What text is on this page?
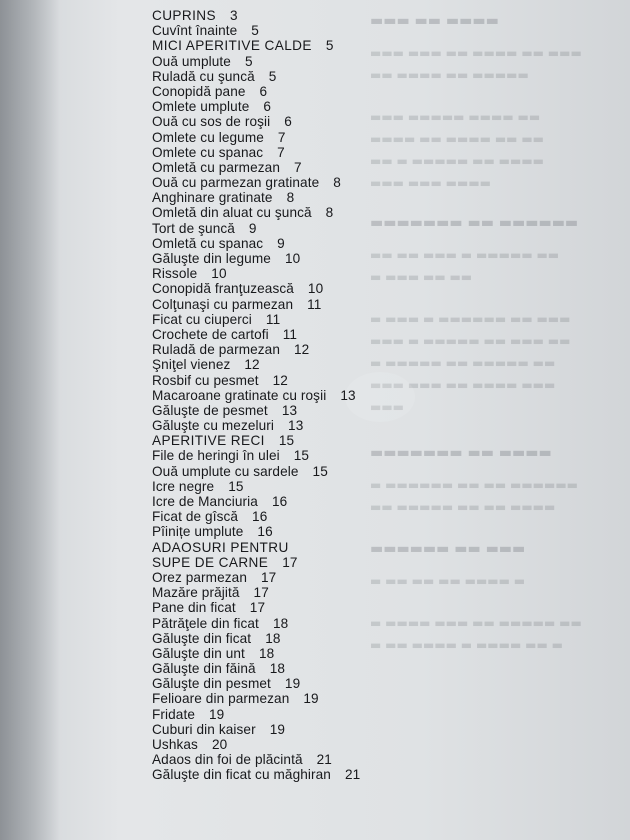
▬▬▬ ▬▬ ▬▬▬▬
▬▬▬ ▬▬▬ ▬▬ ▬▬▬▬ ▬▬ ▬▬▬
▬▬ ▬▬▬▬ ▬▬ ▬▬▬▬▬
▬▬▬ ▬▬▬▬▬ ▬▬▬▬ ▬▬
▬▬▬▬ ▬▬ ▬▬▬▬ ▬▬ ▬▬
▬▬ ▬ ▬▬▬▬▬ ▬▬ ▬▬▬▬
▬▬▬ ▬▬▬ ▬▬▬▬
▬▬▬▬▬▬▬ ▬▬ ▬▬▬▬▬▬
▬▬ ▬▬ ▬▬▬ ▬ ▬▬▬▬▬ ▬▬
▬ ▬▬▬ ▬▬ ▬▬
▬ ▬▬▬ ▬ ▬▬▬▬▬▬ ▬▬ ▬▬▬
▬▬▬ ▬ ▬▬▬▬▬ ▬▬ ▬▬▬ ▬▬
▬ ▬▬▬▬▬ ▬▬ ▬▬▬▬▬ ▬▬
▬▬▬ ▬▬▬ ▬▬ ▬▬▬▬ ▬▬▬
▬▬▬
▬▬▬▬▬▬▬ ▬▬ ▬▬▬▬
▬ ▬▬▬▬▬▬ ▬▬ ▬▬ ▬▬▬▬▬▬
▬▬ ▬▬▬▬▬ ▬▬ ▬▬ ▬▬▬▬
▬▬▬▬▬▬ ▬▬ ▬▬▬
▬ ▬▬ ▬▬ ▬▬ ▬▬▬▬ ▬
▬ ▬▬▬▬ ▬▬▬ ▬▬ ▬▬▬▬▬ ▬▬
▬ ▬▬ ▬▬▬▬ ▬ ▬▬▬▬ ▬▬ ▬
CUPRINS 3
Cuvînt înainte 5
MICI APERITIVE CALDE 5
Ouă umplute 5
Ruladă cu şuncă 5
Conopidă pane 6
Omlete umplute 6
Ouă cu sos de roşii 6
Omlete cu legume 7
Omlete cu spanac 7
Omletă cu parmezan 7
Ouă cu parmezan gratinate 8
Anghinare gratinate 8
Omletă din aluat cu şuncă 8
Tort de şuncă 9
Omletă cu spanac 9
Găluşte din legume 10
Rissole 10
Conopidă franţuzească 10
Colţunaşi cu parmezan 11
Ficat cu ciuperci 11
Crochete de cartofi 11
Ruladă de parmezan 12
Şniţel vienez 12
Rosbif cu pesmet 12
Macaroane gratinate cu roşii 13
Găluşte de pesmet 13
Găluşte cu mezeluri 13
APERITIVE RECI 15
File de heringi în ulei 15
Ouă umplute cu sardele 15
Icre negre 15
Icre de Manciuria 16
Ficat de gîscă 16
Pîinițe umplute 16
ADAOSURI PENTRU
SUPE DE CARNE 17
Orez parmezan 17
Mazăre prăjită 17
Pane din ficat 17
Pătrăţele din ficat 18
Găluşte din ficat 18
Găluşte din unt 18
Găluşte din făină 18
Găluşte din pesmet 19
Felioare din parmezan 19
Fridate 19
Cuburi din kaiser 19
Ushkas 20
Adaos din foi de plăcintă 21
Găluşte din ficat cu măghiran 21
